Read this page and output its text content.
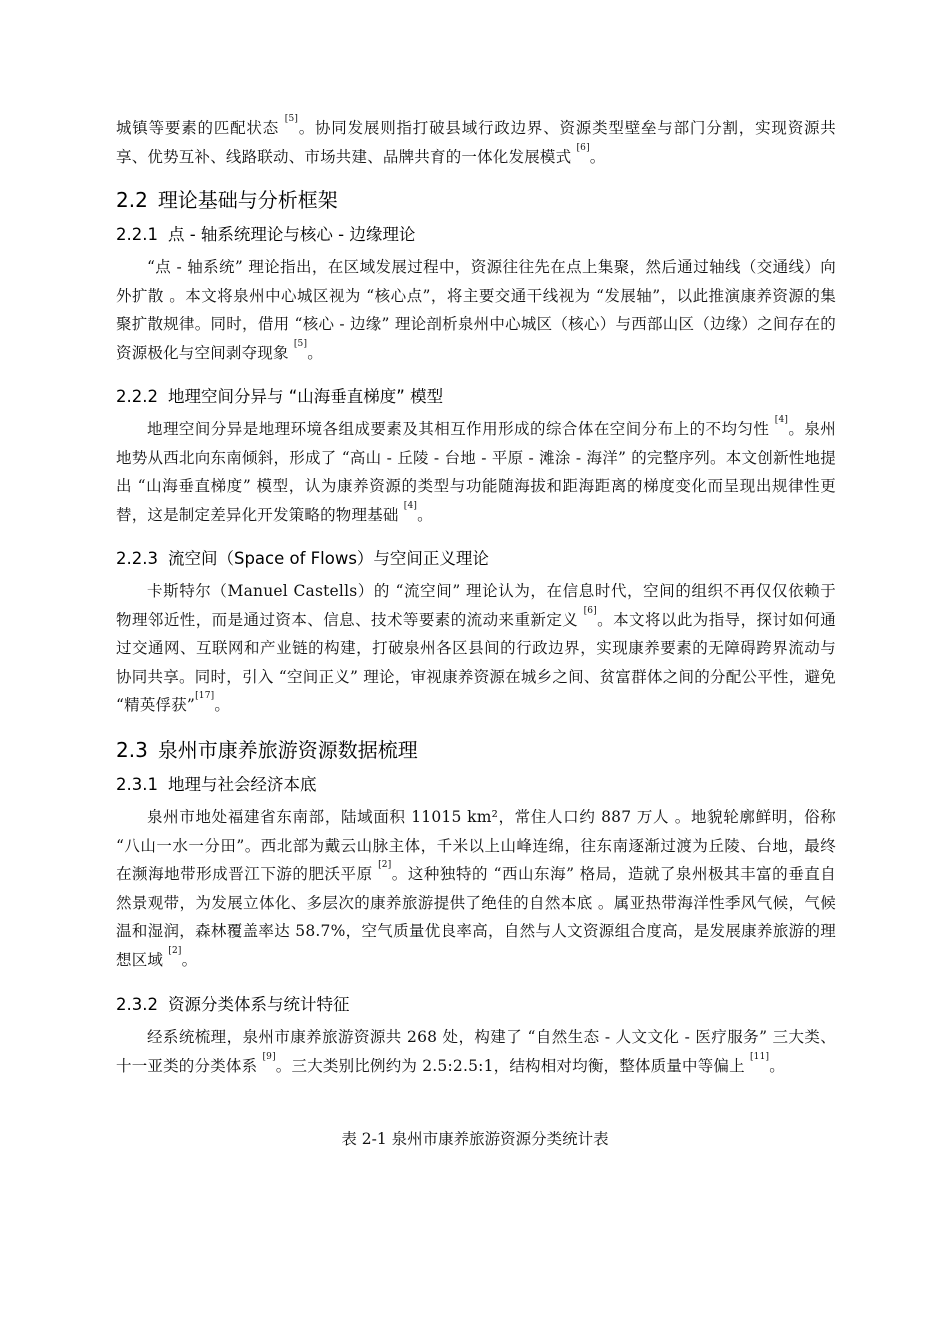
城镇等要素的匹配状态 [5]。协同发展则指打破县域行政边界、资源类型壁垒与部门分割，实现资源共享、优势互补、线路联动、市场共建、品牌共育的一体化发展模式 [6]。

2.2 理论基础与分析框架
2.2.1 点 - 轴系统理论与核心 - 边缘理论

“点 - 轴系统” 理论指出，在区域发展过程中，资源往往先在点上集聚，然后通过轴线（交通线）向外扩散 。本文将泉州中心城区视为 “核心点”，将主要交通干线视为 “发展轴”，以此推演康养资源的集聚扩散规律。同时，借用 “核心 - 边缘” 理论剖析泉州中心城区（核心）与西部山区（边缘）之间存在的资源极化与空间剥夺现象 [5]。

2.2.2 地理空间分异与 “山海垂直梯度” 模型

地理空间分异是地理环境各组成要素及其相互作用形成的综合体在空间分布上的不均匀性 [4]。泉州地势从西北向东南倾斜，形成了 “高山 - 丘陵 - 台地 - 平原 - 滩涂 - 海洋” 的完整序列。本文创新性地提出 “山海垂直梯度” 模型，认为康养资源的类型与功能随海拔和距海距离的梯度变化而呈现出规律性更替，这是制定差异化开发策略的物理基础 [4]。

2.2.3 流空间（Space of Flows）与空间正义理论

卡斯特尔（Manuel Castells）的 “流空间” 理论认为，在信息时代，空间的组织不再仅仅依赖于物理邻近性，而是通过资本、信息、技术等要素的流动来重新定义 [6]。本文将以此为指导，探讨如何通过交通网、互联网和产业链的构建，打破泉州各区县间的行政边界，实现康养要素的无障碍跨界流动与协同共享。同时，引入 “空间正义” 理论，审视康养资源在城乡之间、贫富群体之间的分配公平性，避免 “精英俘获”[17]。

2.3 泉州市康养旅游资源数据梳理
2.3.1 地理与社会经济本底

泉州市地处福建省东南部，陆域面积 11015 km²，常住人口约 887 万人 。地貌轮廓鲜明，俗称 “八山一水一分田”。西北部为戴云山脉主体，千米以上山峰连绵，往东南逐渐过渡为丘陵、台地，最终在濒海地带形成晋江下游的肥沃平原 [2]。这种独特的 “西山东海” 格局，造就了泉州极其丰富的垂直自然景观带，为发展立体化、多层次的康养旅游提供了绝佳的自然本底 。属亚热带海洋性季风气候，气候温和湿润，森林覆盖率达 58.7%，空气质量优良率高，自然与人文资源组合度高，是发展康养旅游的理想区域 [2]。

2.3.2 资源分类体系与统计特征

经系统梳理，泉州市康养旅游资源共 268 处，构建了 “自然生态 - 人文文化 - 医疗服务” 三大类、十一亚类的分类体系 [9]。三大类别比例约为 2.5:2.5:1，结构相对均衡，整体质量中等偏上 [11]。

表 2-1 泉州市康养旅游资源分类统计表
